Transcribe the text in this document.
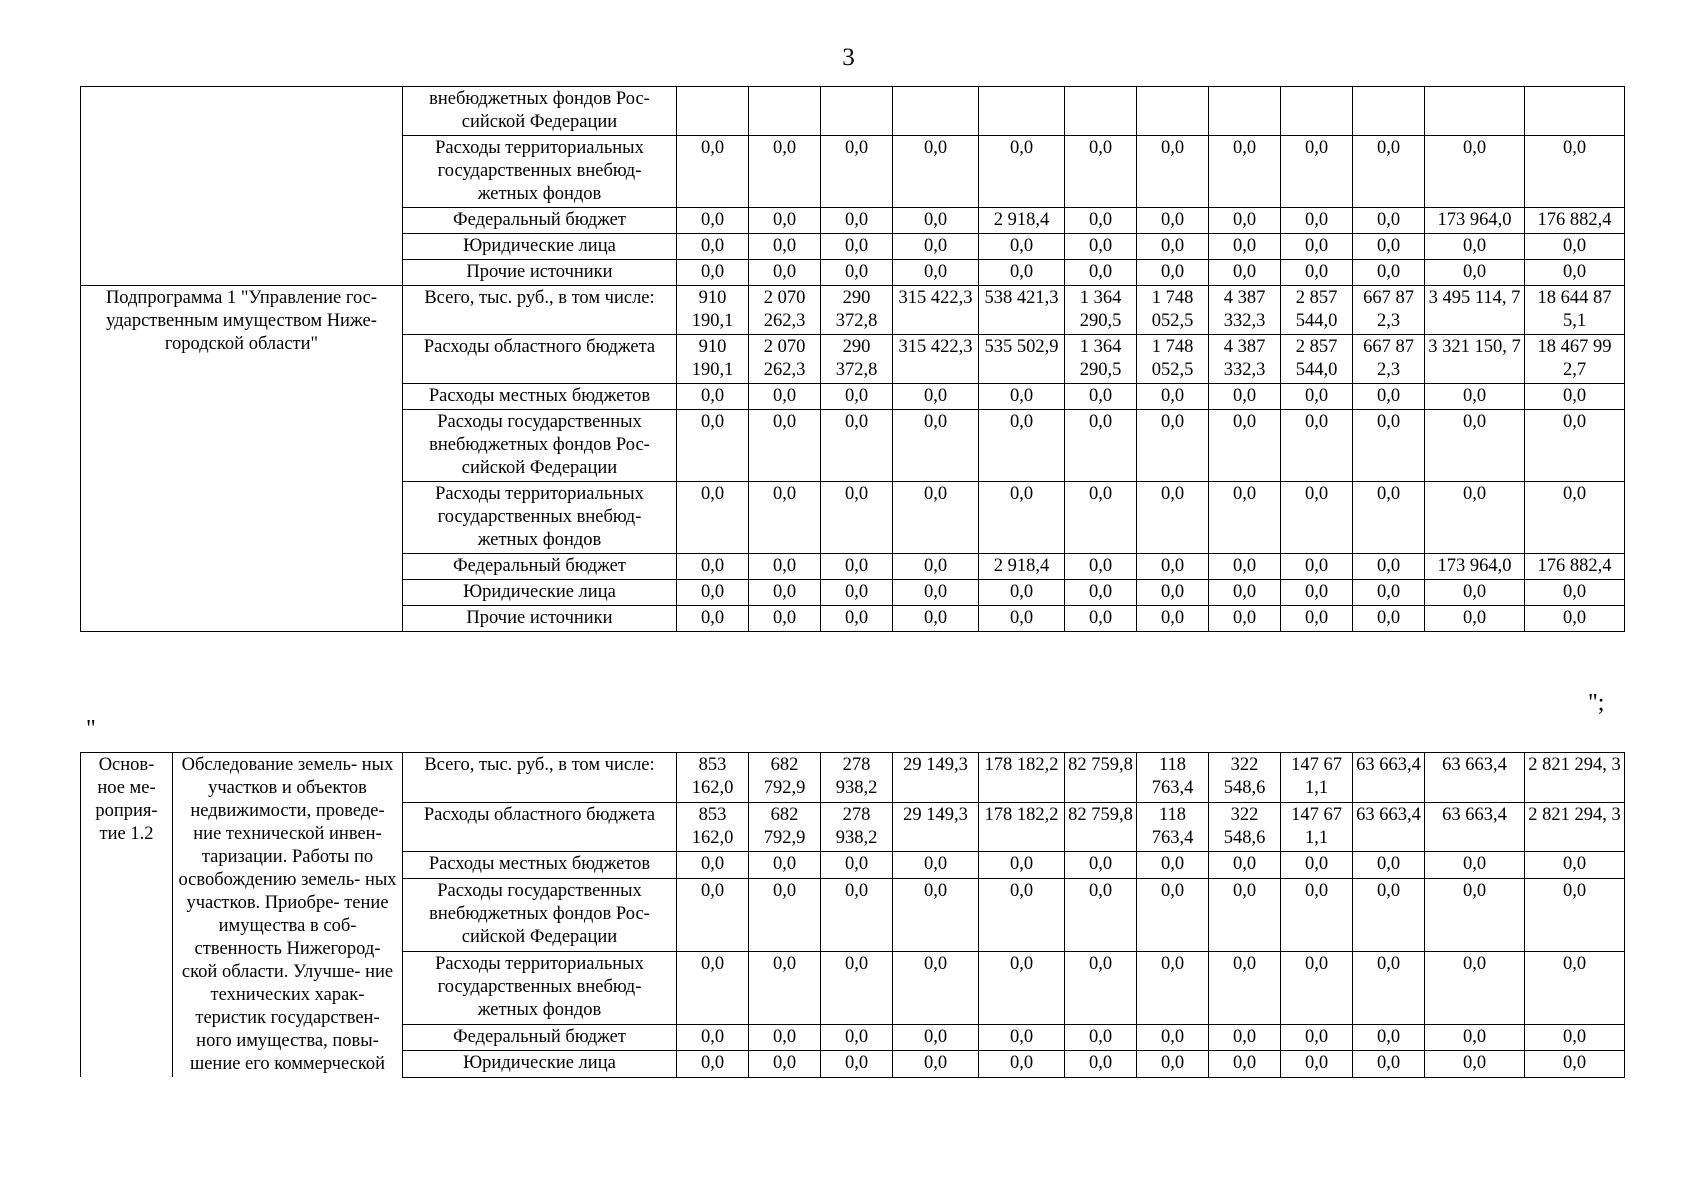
3
	внебюджетных фондов Рос- сийской Федерации												
	Расходы территориальных государственных внебюд- жетных фондов	0,0	0,0	0,0	0,0	0,0	0,0	0,0	0,0	0,0	0,0	0,0	0,0
	Федеральный бюджет	0,0	0,0	0,0	0,0	2 918,4	0,0	0,0	0,0	0,0	0,0	173 964,0	176 882,4
	Юридические лица	0,0	0,0	0,0	0,0	0,0	0,0	0,0	0,0	0,0	0,0	0,0	0,0
	Прочие источники	0,0	0,0	0,0	0,0	0,0	0,0	0,0	0,0	0,0	0,0	0,0	0,0
Подпрограмма 1 "Управление гос- ударственным имуществом Ниже- городской области"	Всего, тыс. руб., в том числе:	910 190,1	2 070 262,3	290 372,8	315 422,3	538 421,3	1 364 290,5	1 748 052,5	4 387 332,3	2 857 544,0	667 87 2,3	3 495 114, 7	18 644 87 5,1
	Расходы областного бюджета	910 190,1	2 070 262,3	290 372,8	315 422,3	535 502,9	1 364 290,5	1 748 052,5	4 387 332,3	2 857 544,0	667 87 2,3	3 321 150, 7	18 467 99 2,7
	Расходы местных бюджетов	0,0	0,0	0,0	0,0	0,0	0,0	0,0	0,0	0,0	0,0	0,0	0,0
	Расходы государственных внебюджетных фондов Рос- сийской Федерации	0,0	0,0	0,0	0,0	0,0	0,0	0,0	0,0	0,0	0,0	0,0	0,0
	Расходы территориальных государственных внебюд- жетных фондов	0,0	0,0	0,0	0,0	0,0	0,0	0,0	0,0	0,0	0,0	0,0	0,0
	Федеральный бюджет	0,0	0,0	0,0	0,0	2 918,4	0,0	0,0	0,0	0,0	0,0	173 964,0	176 882,4
	Юридические лица	0,0	0,0	0,0	0,0	0,0	0,0	0,0	0,0	0,0	0,0	0,0	0,0
	Прочие источники	0,0	0,0	0,0	0,0	0,0	0,0	0,0	0,0	0,0	0,0	0,0	0,0
";
"
Основ- ное ме- роприя- тие 1.2	Обследование земель- ных участков и объектов недвижимости, проведе- ние технической инвен- таризации. Работы по освобождению земель- ных участков. Приобре- тение имущества в соб- ственность Нижегород- ской области. Улучше- ние технических харак- теристик государствен- ного имущества, повы- шение его коммерческой	Всего, тыс. руб., в том числе:	853 162,0	682 792,9	278 938,2	29 149,3	178 182,2	82 759,8	118 763,4	322 548,6	147 67 1,1	63 663,4	63 663,4	2 821 294, 3
		Расходы областного бюджета	853 162,0	682 792,9	278 938,2	29 149,3	178 182,2	82 759,8	118 763,4	322 548,6	147 67 1,1	63 663,4	63 663,4	2 821 294, 3
		Расходы местных бюджетов	0,0	0,0	0,0	0,0	0,0	0,0	0,0	0,0	0,0	0,0	0,0	0,0
		Расходы государственных внебюджетных фондов Рос- сийской Федерации	0,0	0,0	0,0	0,0	0,0	0,0	0,0	0,0	0,0	0,0	0,0	0,0
		Расходы территориальных государственных внебюд- жетных фондов	0,0	0,0	0,0	0,0	0,0	0,0	0,0	0,0	0,0	0,0	0,0	0,0
		Федеральный бюджет	0,0	0,0	0,0	0,0	0,0	0,0	0,0	0,0	0,0	0,0	0,0	0,0
		Юридические лица	0,0	0,0	0,0	0,0	0,0	0,0	0,0	0,0	0,0	0,0	0,0	0,0
